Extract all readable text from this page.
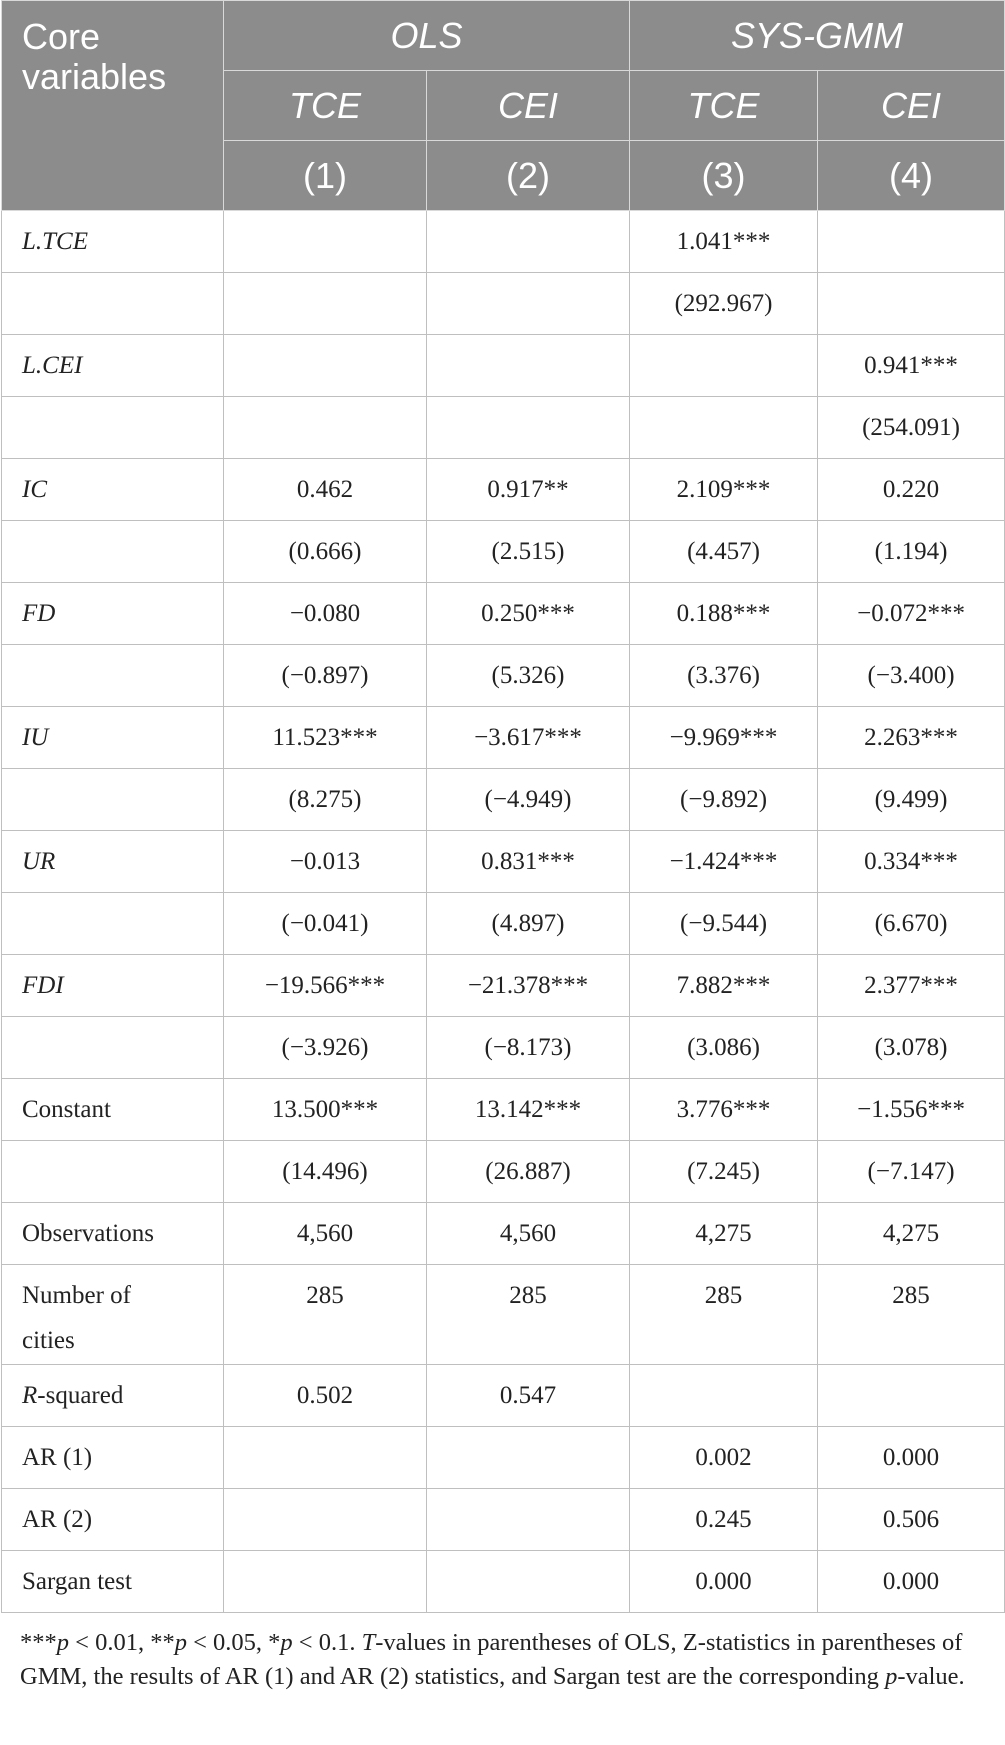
Core
variables	OLS		SYS-GMM	
	TCE	CEI	TCE	CEI
	(1)	(2)	(3)	(4)
L.TCE			1.041***	
			(292.967)	
L.CEI				0.941***
				(254.091)
IC	0.462	0.917**	2.109***	0.220
	(0.666)	(2.515)	(4.457)	(1.194)
FD	−0.080	0.250***	0.188***	−0.072***
	(−0.897)	(5.326)	(3.376)	(−3.400)
IU	11.523***	−3.617***	−9.969***	2.263***
	(8.275)	(−4.949)	(−9.892)	(9.499)
UR	−0.013	0.831***	−1.424***	0.334***
	(−0.041)	(4.897)	(−9.544)	(6.670)
FDI	−19.566***	−21.378***	7.882***	2.377***
	(−3.926)	(−8.173)	(3.086)	(3.078)
Constant	13.500***	13.142***	3.776***	−1.556***
	(14.496)	(26.887)	(7.245)	(−7.147)
Observations	4,560	4,560	4,275	4,275
Number of
cities	285	285	285	285
R-squared	0.502	0.547		
AR (1)			0.002	0.000
AR (2)			0.245	0.506
Sargan test			0.000	0.000

***p < 0.01, **p < 0.05, *p < 0.1. T-values in parentheses of OLS, Z-statistics in parentheses of GMM, the results of AR (1) and AR (2) statistics, and Sargan test are the corresponding p-value.
